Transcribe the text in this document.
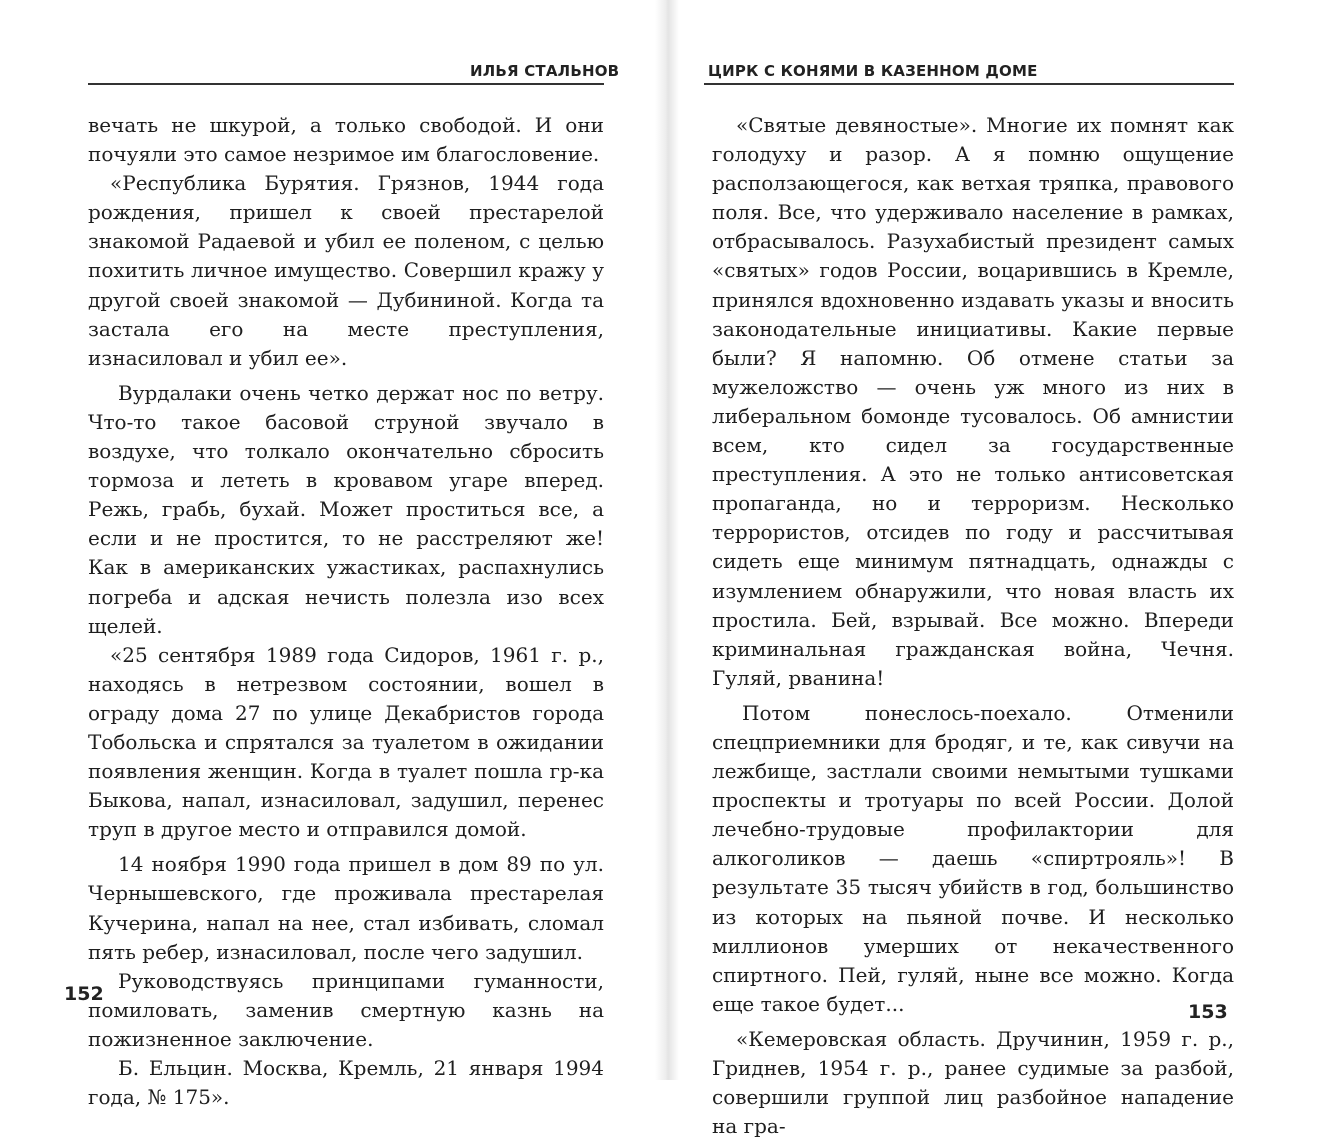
ИЛЬЯ СТАЛЬНОВ

вечать не шкурой, а только свободой. И они почуяли это самое незримое им благословение.

«Республика Бурятия. Грязнов, 1944 года рождения, пришел к своей престарелой знакомой Радаевой и убил ее поленом, с целью похитить личное имущество. Совершил кражу у другой своей знакомой — Дубининой. Когда та застала его на месте преступления, изнасиловал и убил ее».

Вурдалаки очень четко держат нос по ветру. Что-то такое басовой струной звучало в воздухе, что толкало окончательно сбросить тормоза и лететь в кровавом угаре вперед. Режь, грабь, бухай. Может проститься все, а если и не простится, то не расстреляют же! Как в американских ужастиках, распахнулись погреба и адская нечисть полезла изо всех щелей.

«25 сентября 1989 года Сидоров, 1961 г. р., находясь в нетрезвом состоянии, вошел в ограду дома 27 по улице Декабристов города Тобольска и спрятался за туалетом в ожидании появления женщин. Когда в туалет пошла гр-ка Быкова, напал, изнасиловал, задушил, перенес труп в другое место и отправился домой.

14 ноября 1990 года пришел в дом 89 по ул. Чернышевского, где проживала престарелая Кучерина, напал на нее, стал избивать, сломал пять ребер, изнасиловал, после чего задушил.

Руководствуясь принципами гуманности, помиловать, заменив смертную казнь на пожизненное заключение.

Б. Ельцин. Москва, Кремль, 21 января 1994 года, № 175».

152
ЦИРК С КОНЯМИ В КАЗЕННОМ ДОМЕ

«Святые девяностые». Многие их помнят как голодуху и разор. А я помню ощущение расползающегося, как ветхая тряпка, правового поля. Все, что удерживало население в рамках, отбрасывалось. Разухабистый президент самых «святых» годов России, воцарившись в Кремле, принялся вдохновенно издавать указы и вносить законодательные инициативы. Какие первые были? Я напомню. Об отмене статьи за мужеложство — очень уж много из них в либеральном бомонде тусовалось. Об амнистии всем, кто сидел за государственные преступления. А это не только антисоветская пропаганда, но и терроризм. Несколько террористов, отсидев по году и рассчитывая сидеть еще минимум пятнадцать, однажды с изумлением обнаружили, что новая власть их простила. Бей, взрывай. Все можно. Впереди криминальная гражданская война, Чечня. Гуляй, рванина!

Потом понеслось-поехало. Отменили спецприемники для бродяг, и те, как сивучи на лежбище, застлали своими немытыми тушками проспекты и тротуары по всей России. Долой лечебно-трудовые профилактории для алкоголиков — даешь «спиртрояль»! В результате 35 тысяч убийств в год, большинство из которых на пьяной почве. И несколько миллионов умерших от некачественного спиртного. Пей, гуляй, ныне все можно. Когда еще такое будет...

«Кемеровская область. Дручинин, 1959 г. р., Гриднев, 1954 г. р., ранее судимые за разбой, совершили группой лиц разбойное нападение на гра-

153
